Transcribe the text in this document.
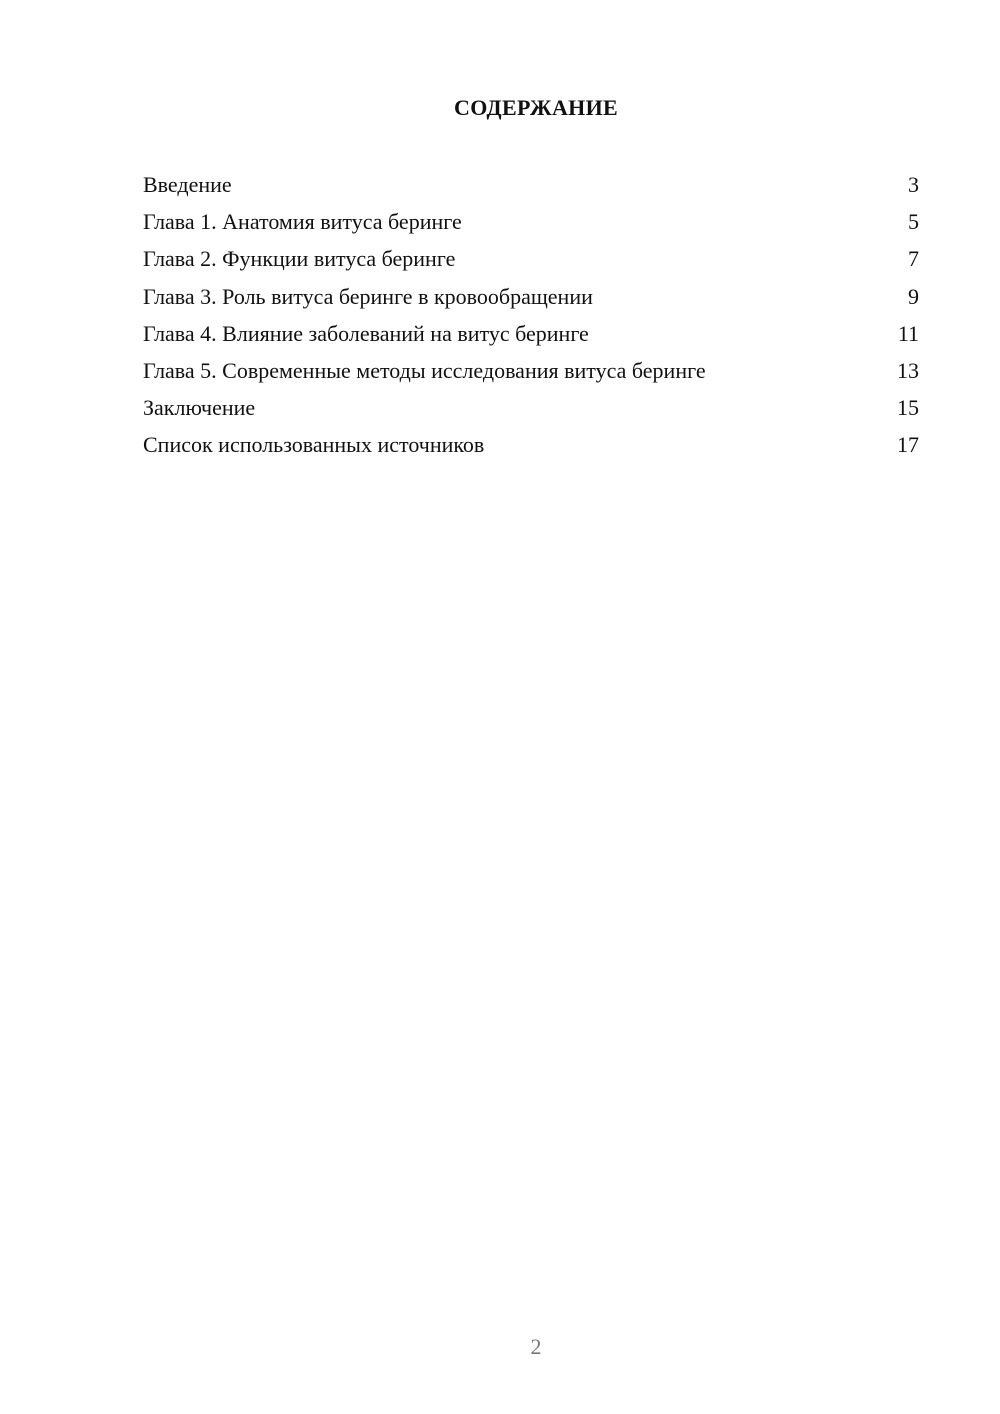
СОДЕРЖАНИЕ
Введение	3
Глава 1. Анатомия витуса беринге	5
Глава 2. Функции витуса беринге	7
Глава 3. Роль витуса беринге в кровообращении	9
Глава 4. Влияние заболеваний на витус беринге	11
Глава 5. Современные методы исследования витуса беринге	13
Заключение	15
Список использованных источников	17
2
